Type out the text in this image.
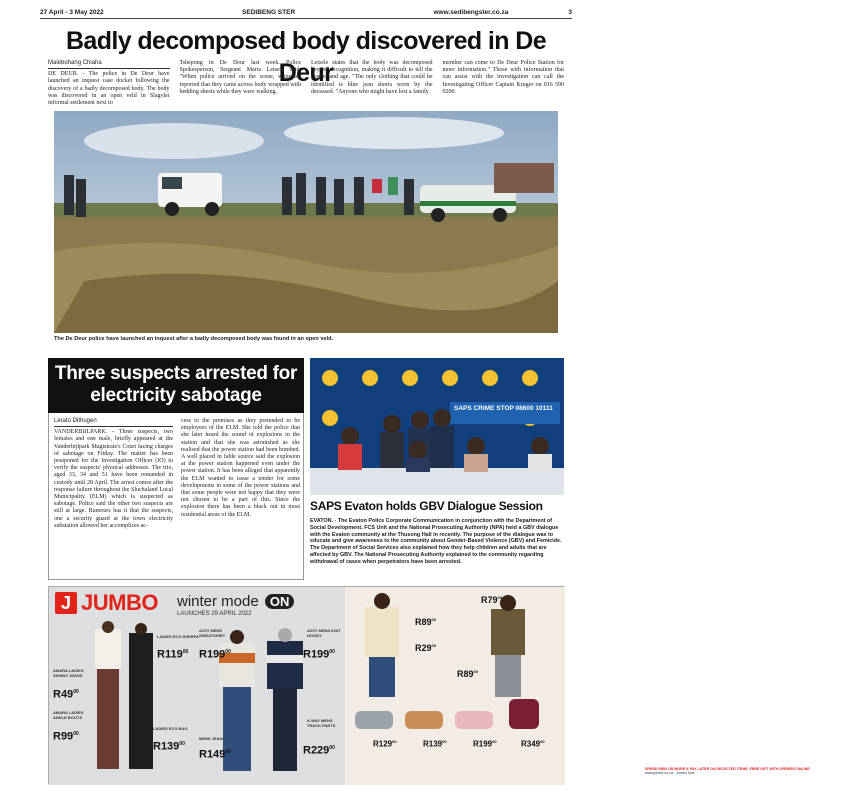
27 April - 3 May 2022	SEDIBENG STER	www.sedibengster.co.za	3
Badly decomposed body discovered in De Deur
Malebohang Chiaha DE DEUR. - The police in De Deur have launched an inquest case docket following the discovery of a badly decomposed body. The body was discovered in an open veld in Slagvlei informal settlement next to
Tshepong in De Deur last week. Police Spokesperson, Sergeant Maria Letsele said, "When police arrived on the scene, witnesses reported that they came across body wrapped with bedding sheets while they were walking.
Letsele states that the body was decomposed beyond recognition, making it difficult to tell the gender and age. "The only clothing that could be identified is blue jean shorts worn by the deceased. "Anyone who might have lost a family
member can come to De Deur Police Station for more information." Those with information that can assist with the investigation can call the Investigating Officer Captain Kruger on 016 590 0200.
The De Deur police have launched an inquest after a badly decomposed body was found in an open veld.
Three suspects arrested for electricity sabotage
Lerato Dithugen VANDERBIJLPARK. - Three suspects, two females and one male, briefly appeared at the Vanderbijlpark Magistrate's Court facing charges of sabotage on Friday. The matter has been postponed for the Investigation Officer (IO) to verify the suspects' physical addresses. The trio, aged 33, 34 and 51 have been remanded in custody until 28 April. The arrest comes after the response failure throughout the Sluchaland Local Municipality (ELM) which is suspected as sabotage. Police said the other two suspects are still at large. Rumours has it that the suspects, one a security guard at the town electricity substation allowed her accomplices ac-
cess to the premises as they pretended to be employees of the ELM. She told the police that she later heard the sound of explosions in the station and that she was astonished as she realised that the power station had been bombed. A well placed in fable source said the explosion at the power station happened even under the power station. It has been alleged that apparently the ELM wanted to issue a tender for some developments in some of the power stations and that some people were not happy that they were not chosen to be a part of this. Since the explosion there has been a black out in most residential areas of the ELM.
SAPS CRIME STOP 08600 10111
SAPS Evaton holds GBV Dialogue Session
EVATON. - The Evaton Police Corporate Communication in conjunction with the Department of Social Development, FCS Unit and the National Prosecuting Authority (NPA) held a GBV dialogue with the Evaton community at the Thusong Hall in recently. The purpose of the dialogue was to educate and give awareness to the community about Gender-Based Violence (GBV) and Femicide. The Department of Social Services also explained how they help children and adults that are affected by GBV. The National Prosecuting Authority explained to the community regarding withdrawal of cases when perpetrators have been arrested.
J JUMBO winter mode ON
LAUNCHES 29 APRIL 2022
LADIES ECO SHERPA
$R119^{00}$
AMARA LADIES SKINNY JEANS
$R49^{00}$
AMARA LADIES ANKLE BOOTS
$R99^{00}$
LADIES ECO BAG
$R139^{00}$
AZZY MENS SWEATSHIRT
$R199^{00}$
MENS JEANS
$R149^{00}$
AZZY MENS KNIT HOODY
$R199^{00}$
K-WAY MENS TRACK PANTS
$R229^{00}$
$R79^{00}$
$R89^{00}$
$R29^{00}$
$R89^{00}$
$R129^{00}$	$R139^{00}$	$R199^{00}$	$R349^{00}$
SPEND R800 OR MORE & PAY LATER ON SELECTED ITEMS. FREE GIFT WITH ORDERS ONLINE.
www.jumbo.co.za · Jumbo love
